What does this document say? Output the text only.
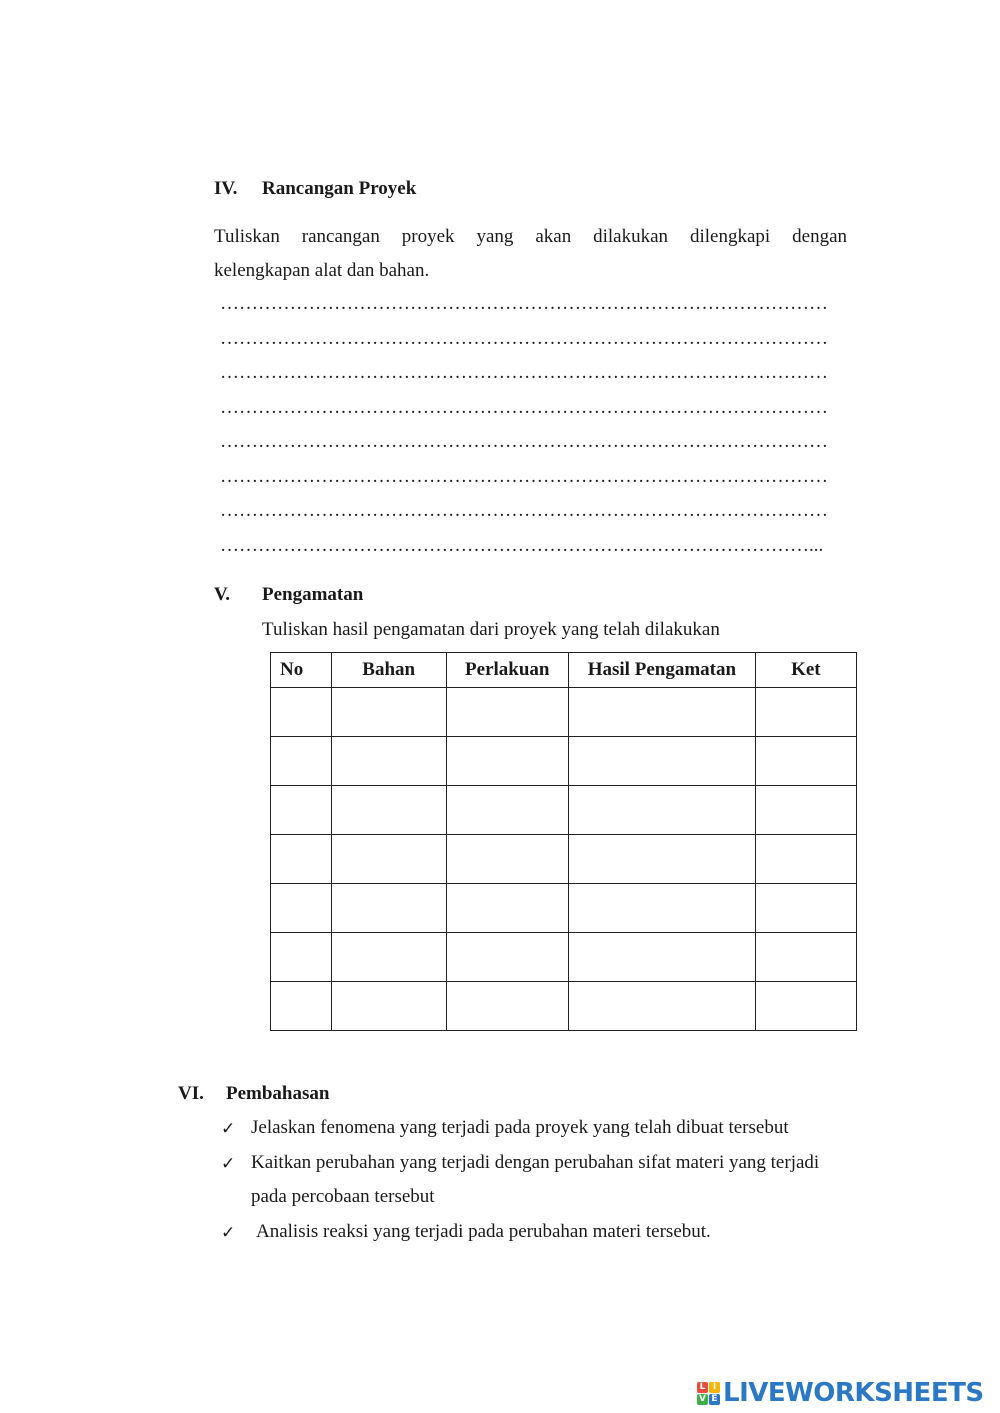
IV. Rancangan Proyek
Tuliskan rancangan proyek yang akan dilakukan dilengkapi dengan
kelengkapan alat dan bahan.
……………………………………………………………………………………
……………………………………………………………………………………
……………………………………………………………………………………
……………………………………………………………………………………
……………………………………………………………………………………
……………………………………………………………………………………
……………………………………………………………………………………
…………………………………………………………………………………...
V. Pengamatan
Tuliskan hasil pengamatan dari proyek yang telah dilakukan
No	Bahan	Perlakuan	Hasil Pengamatan	Ket

VI. Pembahasan
✓ Jelaskan fenomena yang terjadi pada proyek yang telah dibuat tersebut
✓ Kaitkan perubahan yang terjadi dengan perubahan sifat materi yang terjadi
pada percobaan tersebut
✓ Analisis reaksi yang terjadi pada perubahan materi tersebut.
L I
V E LIVEWORKSHEETS
